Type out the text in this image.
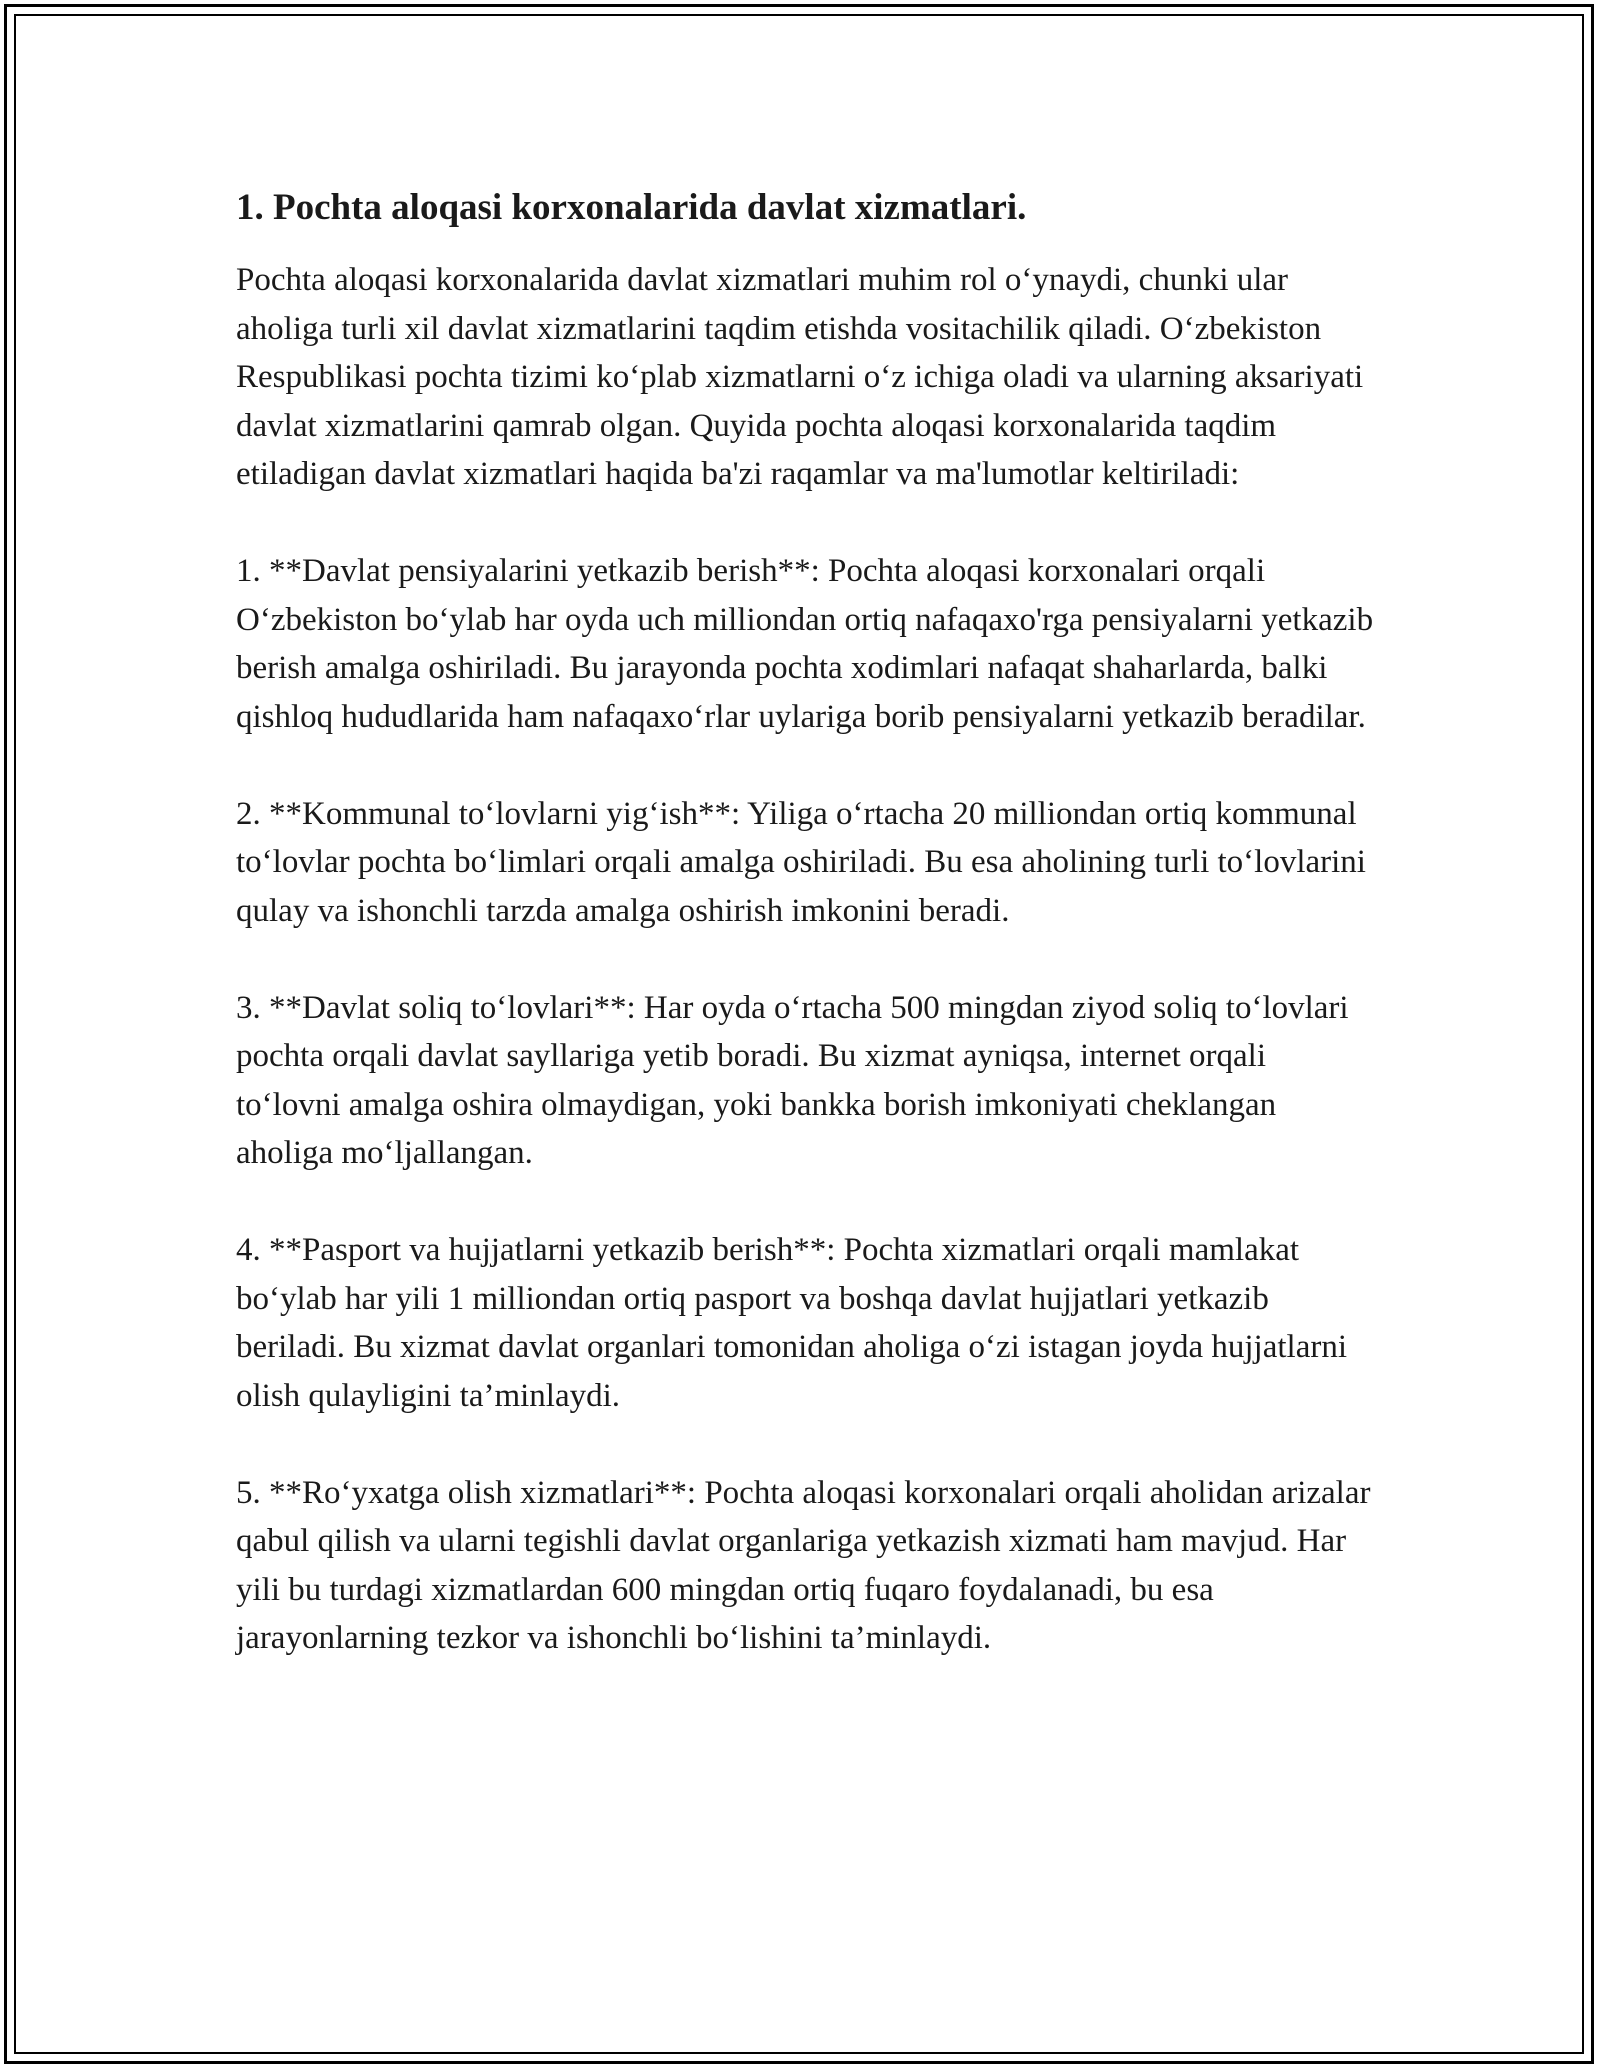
1. Pochta aloqasi korxonalarida davlat xizmatlari.

Pochta aloqasi korxonalarida davlat xizmatlari muhim rol oʻynaydi, chunki ular aholiga turli xil davlat xizmatlarini taqdim etishda vositachilik qiladi. Oʻzbekiston Respublikasi pochta tizimi koʻplab xizmatlarni oʻz ichiga oladi va ularning aksariyati davlat xizmatlarini qamrab olgan. Quyida pochta aloqasi korxonalarida taqdim etiladigan davlat xizmatlari haqida ba'zi raqamlar va ma'lumotlar keltiriladi:

1. **Davlat pensiyalarini yetkazib berish**: Pochta aloqasi korxonalari orqali Oʻzbekiston boʻylab har oyda uch milliondan ortiq nafaqaxo'rga pensiyalarni yetkazib berish amalga oshiriladi. Bu jarayonda pochta xodimlari nafaqat shaharlarda, balki qishloq hududlarida ham nafaqaxoʻrlar uylariga borib pensiyalarni yetkazib beradilar.

2. **Kommunal toʻlovlarni yigʻish**: Yiliga oʻrtacha 20 milliondan ortiq kommunal toʻlovlar pochta boʻlimlari orqali amalga oshiriladi. Bu esa aholining turli toʻlovlarini qulay va ishonchli tarzda amalga oshirish imkonini beradi.

3. **Davlat soliq toʻlovlari**: Har oyda oʻrtacha 500 mingdan ziyod soliq toʻlovlari pochta orqali davlat sayllariga yetib boradi. Bu xizmat ayniqsa, internet orqali toʻlovni amalga oshira olmaydigan, yoki bankka borish imkoniyati cheklangan aholiga moʻljallangan.

4. **Pasport va hujjatlarni yetkazib berish**: Pochta xizmatlari orqali mamlakat boʻylab har yili 1 milliondan ortiq pasport va boshqa davlat hujjatlari yetkazib beriladi. Bu xizmat davlat organlari tomonidan aholiga oʻzi istagan joyda hujjatlarni olish qulayligini ta’minlaydi.

5. **Roʻyxatga olish xizmatlari**: Pochta aloqasi korxonalari orqali aholidan arizalar qabul qilish va ularni tegishli davlat organlariga yetkazish xizmati ham mavjud. Har yili bu turdagi xizmatlardan 600 mingdan ortiq fuqaro foydalanadi, bu esa jarayonlarning tezkor va ishonchli boʻlishini ta’minlaydi.
